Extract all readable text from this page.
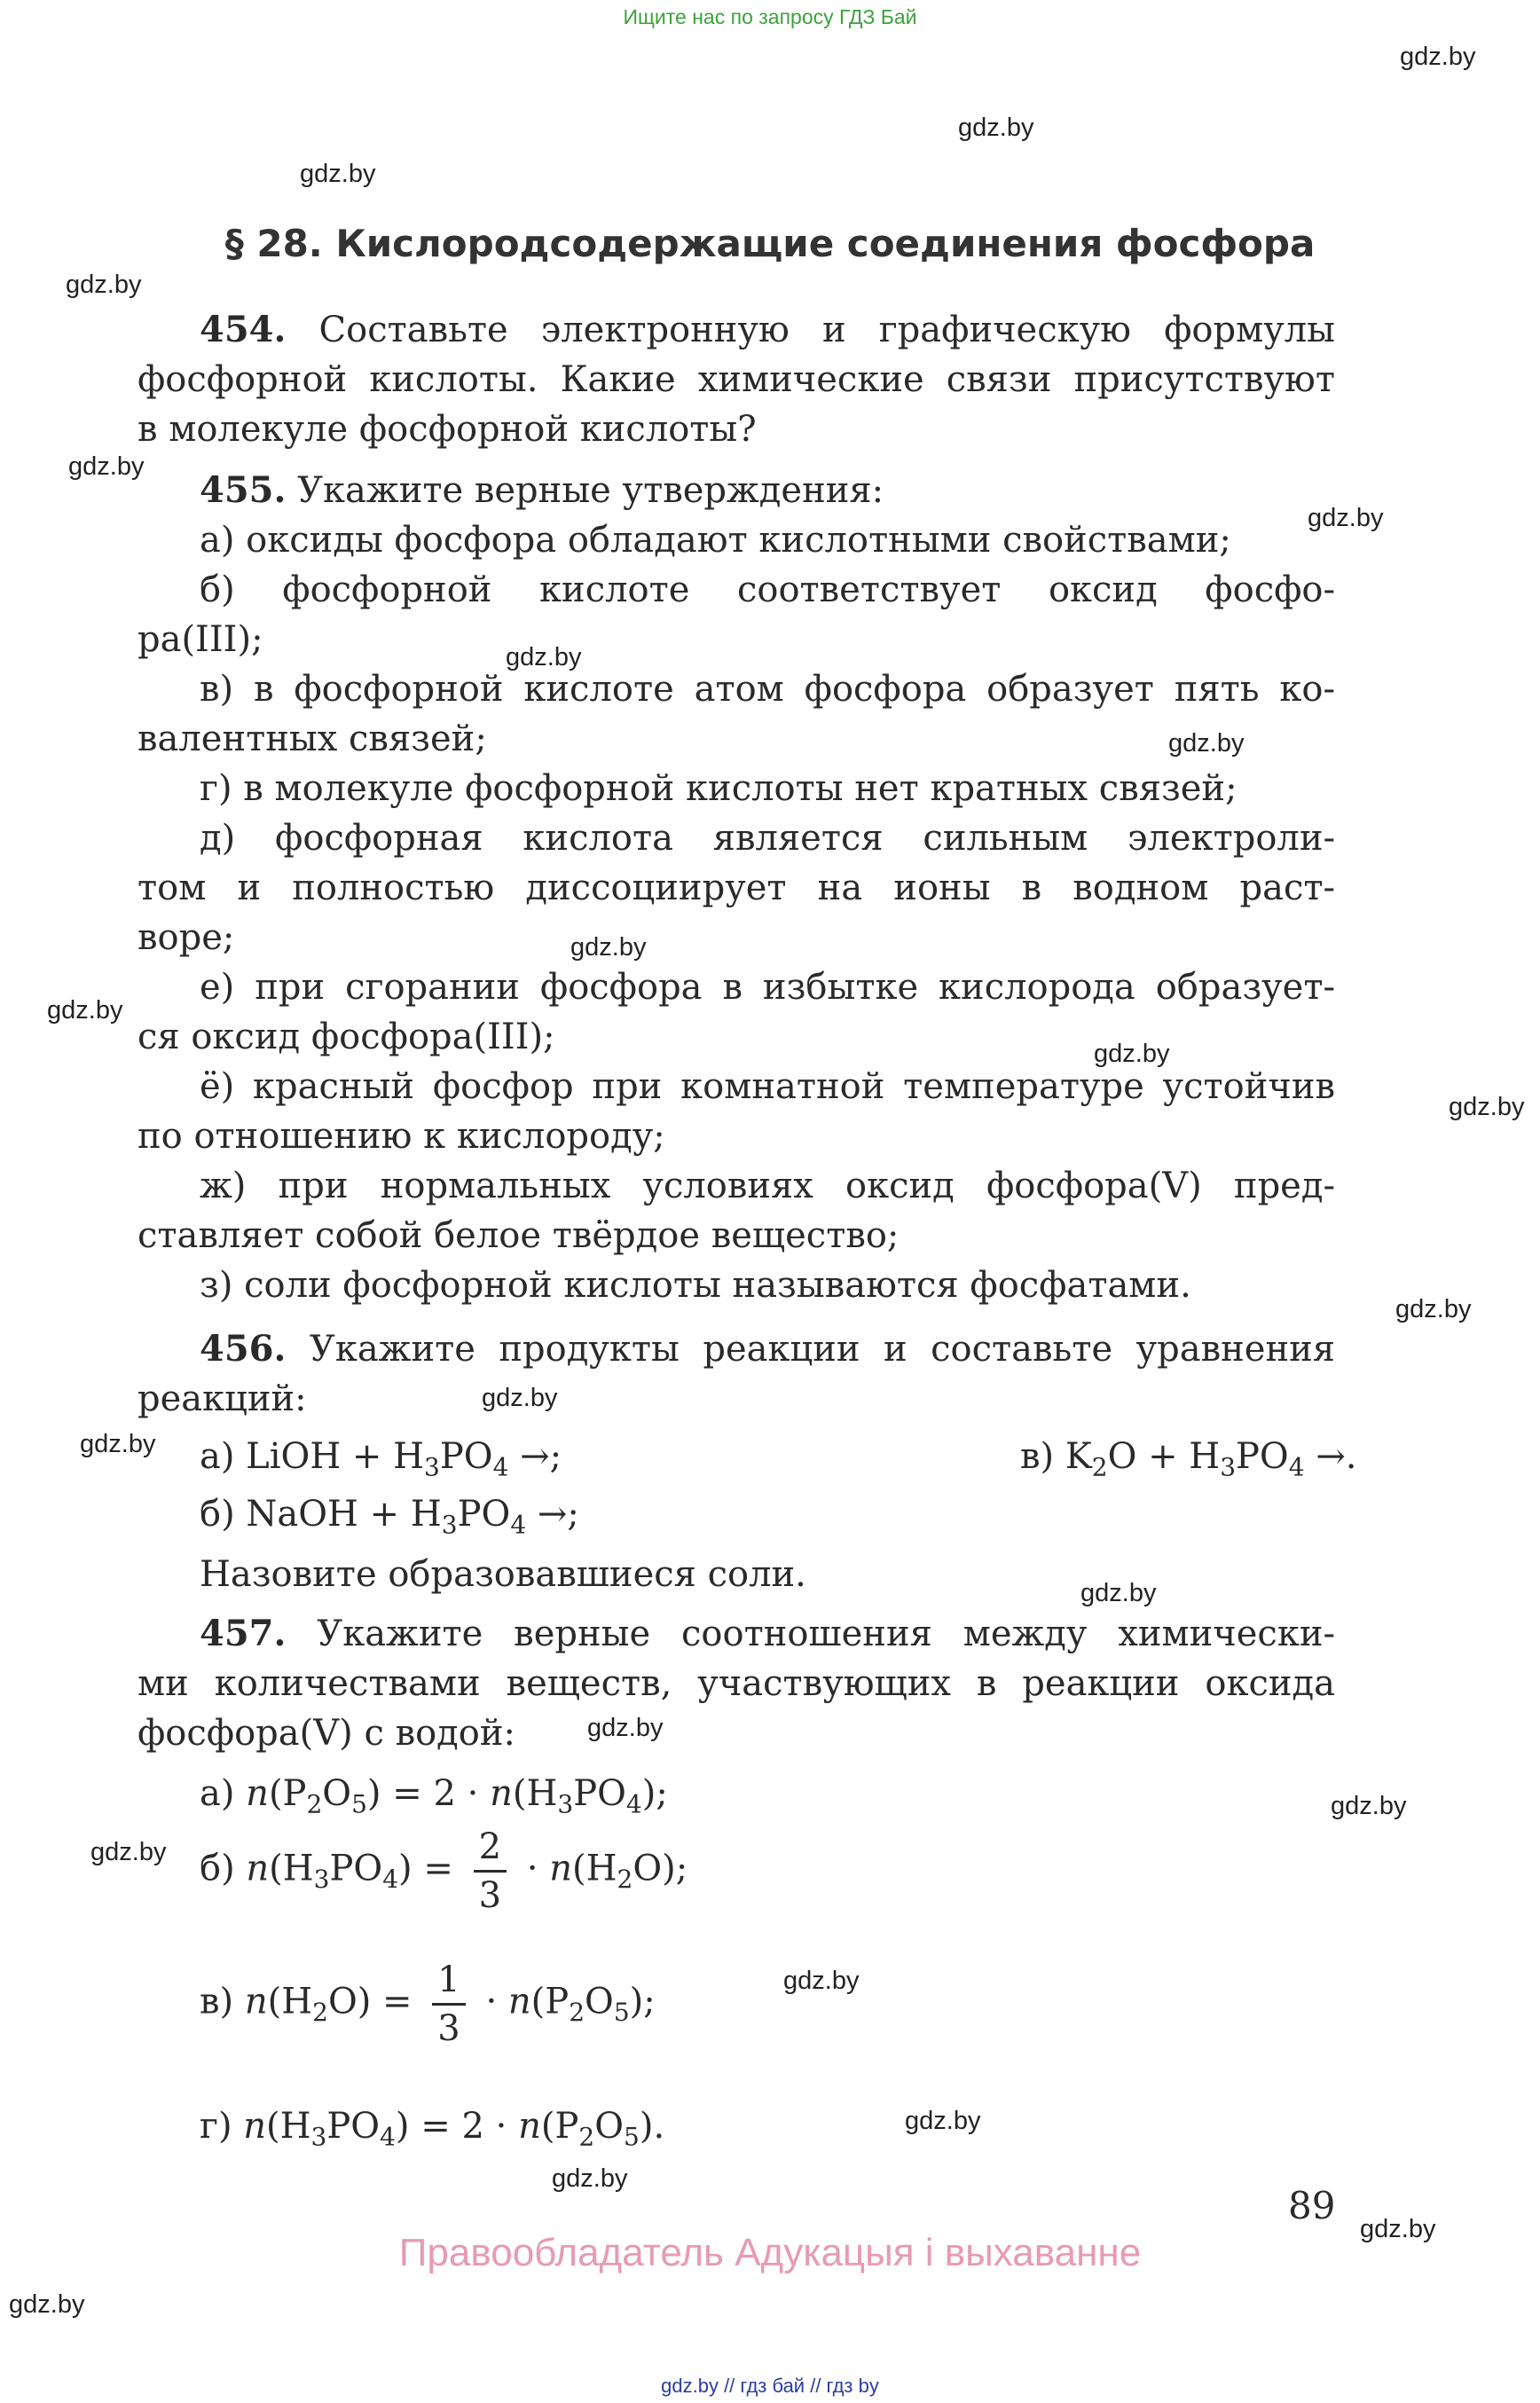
Ищите нас по запросу ГДЗ Бай
gdz.by
gdz.by
gdz.by
gdz.by
gdz.by
gdz.by
gdz.by
gdz.by
gdz.by
gdz.by
gdz.by
gdz.by
gdz.by
gdz.by
gdz.by
gdz.by
gdz.by
gdz.by
gdz.by
gdz.by
gdz.by
gdz.by
gdz.by
gdz.by
§ 28. Кислородсодержащие соединения фосфора
454. Составьте электронную и графическую формулы
фосфорной кислоты. Какие химические связи присутствуют
в молекуле фосфорной кислоты?
455. Укажите верные утверждения:
а) оксиды фосфора обладают кислотными свойствами;
б) фосфорной кислоте соответствует оксид фосфо-
ра(III);
в) в фосфорной кислоте атом фосфора образует пять ко-
валентных связей;
г) в молекуле фосфорной кислоты нет кратных связей;
д) фосфорная кислота является сильным электроли-
том и полностью диссоциирует на ионы в водном раст-
воре;
е) при сгорании фосфора в избытке кислорода образует-
ся оксид фосфора(III);
ё) красный фосфор при комнатной температуре устойчив
по отношению к кислороду;
ж) при нормальных условиях оксид фосфора(V) пред-
ставляет собой белое твёрдое вещество;
з) соли фосфорной кислоты называются фосфатами.
456. Укажите продукты реакции и составьте уравнения
реакций:
а) LiOH + $H_3PO_4$ →;	в) $K_2O + H_3PO_4$ →.
б) NaOH + $H_3PO_4$ →;
Назовите образовавшиеся соли.
457. Укажите верные соотношения между химически-
ми количествами веществ, участвующих в реакции оксида
фосфора(V) с водой:
а) $n(P_2O_5) = 2 \cdot n(H_3PO_4)$;
б) $n(H_3PO_4) = \frac{2}{3} \cdot n(H_2O)$;
в) $n(H_2O) = \frac{1}{3} \cdot n(P_2O_5)$;
г) $n(H_3PO_4) = 2 \cdot n(P_2O_5)$.
89
Правообладатель Адукацыя і выхаванне
gdz.by // гдз бай // гдз by
